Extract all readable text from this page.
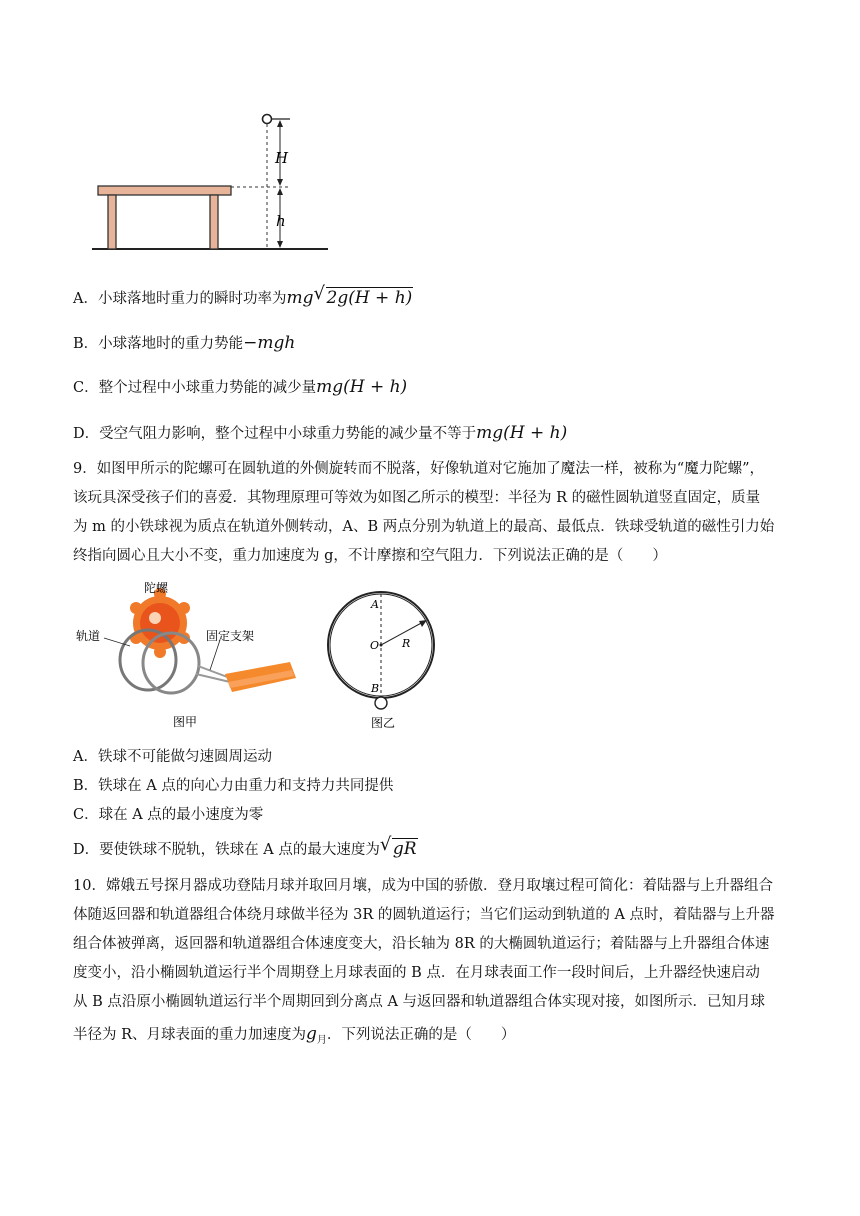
H
h
A．小球落地时重力的瞬时功率为mg √ 2g(H + h)
B．小球落地时的重力势能−mgh
C．整个过程中小球重力势能的减少量mg(H + h)
D．受空气阻力影响，整个过程中小球重力势能的减少量不等于mg(H + h)
9．如图甲所示的陀螺可在圆轨道的外侧旋转而不脱落，好像轨道对它施加了魔法一样，被称为“魔力陀螺”，
该玩具深受孩子们的喜爱．其物理原理可等效为如图乙所示的模型：半径为 R 的磁性圆轨道竖直固定，质量
为 m 的小铁球视为质点在轨道外侧转动，A、B 两点分别为轨道上的最高、最低点．铁球受轨道的磁性引力始
终指向圆心且大小不变，重力加速度为 g，不计摩擦和空气阻力．下列说法正确的是（　　）
陀螺
轨道	固定支架
图甲
A
O R
B
图乙
A．铁球不可能做匀速圆周运动
B．铁球在 A 点的向心力由重力和支持力共同提供
C．球在 A 点的最小速度为零
D．要使铁球不脱轨，铁球在 A 点的最大速度为 √ gR
10．嫦娥五号探月器成功登陆月球并取回月壤，成为中国的骄傲．登月取壤过程可简化：着陆器与上升器组合
体随返回器和轨道器组合体绕月球做半径为 3R 的圆轨道运行；当它们运动到轨道的 A 点时，着陆器与上升器
组合体被弹离，返回器和轨道器组合体速度变大，沿长轴为 8R 的大椭圆轨道运行；着陆器与上升器组合体速
度变小，沿小椭圆轨道运行半个周期登上月球表面的 B 点．在月球表面工作一段时间后，上升器经快速启动
从 B 点沿原小椭圆轨道运行半个周期回到分离点 A 与返回器和轨道器组合体实现对接，如图所示．已知月球
半径为 R、月球表面的重力加速度为$g_月$．下列说法正确的是（　　）
